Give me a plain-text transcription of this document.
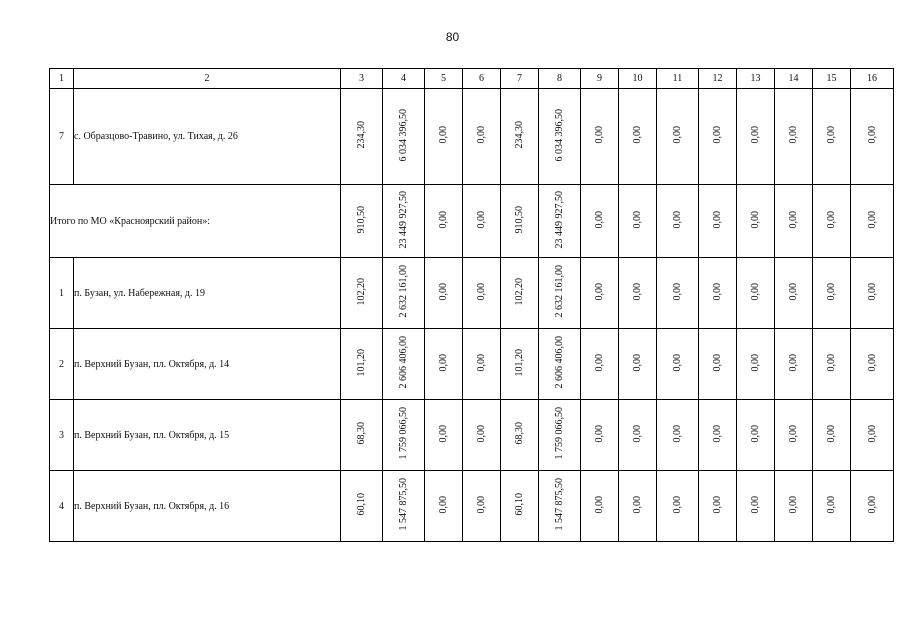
80
1	2	3	4	5	6	7	8	9	10	11	12	13	14	15	16
7	с. Образцово-Травино, ул. Тихая, д. 26	234,30	6 034 396,50	0,00	0,00	234,30	6 034 396,50	0,00	0,00	0,00	0,00	0,00	0,00	0,00	0,00
Итого по МО «Красноярский район»:		910,50	23 449 927,50	0,00	0,00	910,50	23 449 927,50	0,00	0,00	0,00	0,00	0,00	0,00	0,00	0,00
1	п. Бузан, ул. Набережная, д. 19	102,20	2 632 161,00	0,00	0,00	102,20	2 632 161,00	0,00	0,00	0,00	0,00	0,00	0,00	0,00	0,00
2	п. Верхний Бузан, пл. Октября, д. 14	101,20	2 606 406,00	0,00	0,00	101,20	2 606 406,00	0,00	0,00	0,00	0,00	0,00	0,00	0,00	0,00
3	п. Верхний Бузан, пл. Октября, д. 15	68,30	1 759 066,50	0,00	0,00	68,30	1 759 066,50	0,00	0,00	0,00	0,00	0,00	0,00	0,00	0,00
4	п. Верхний Бузан, пл. Октября, д. 16	60,10	1 547 875,50	0,00	0,00	60,10	1 547 875,50	0,00	0,00	0,00	0,00	0,00	0,00	0,00	0,00
